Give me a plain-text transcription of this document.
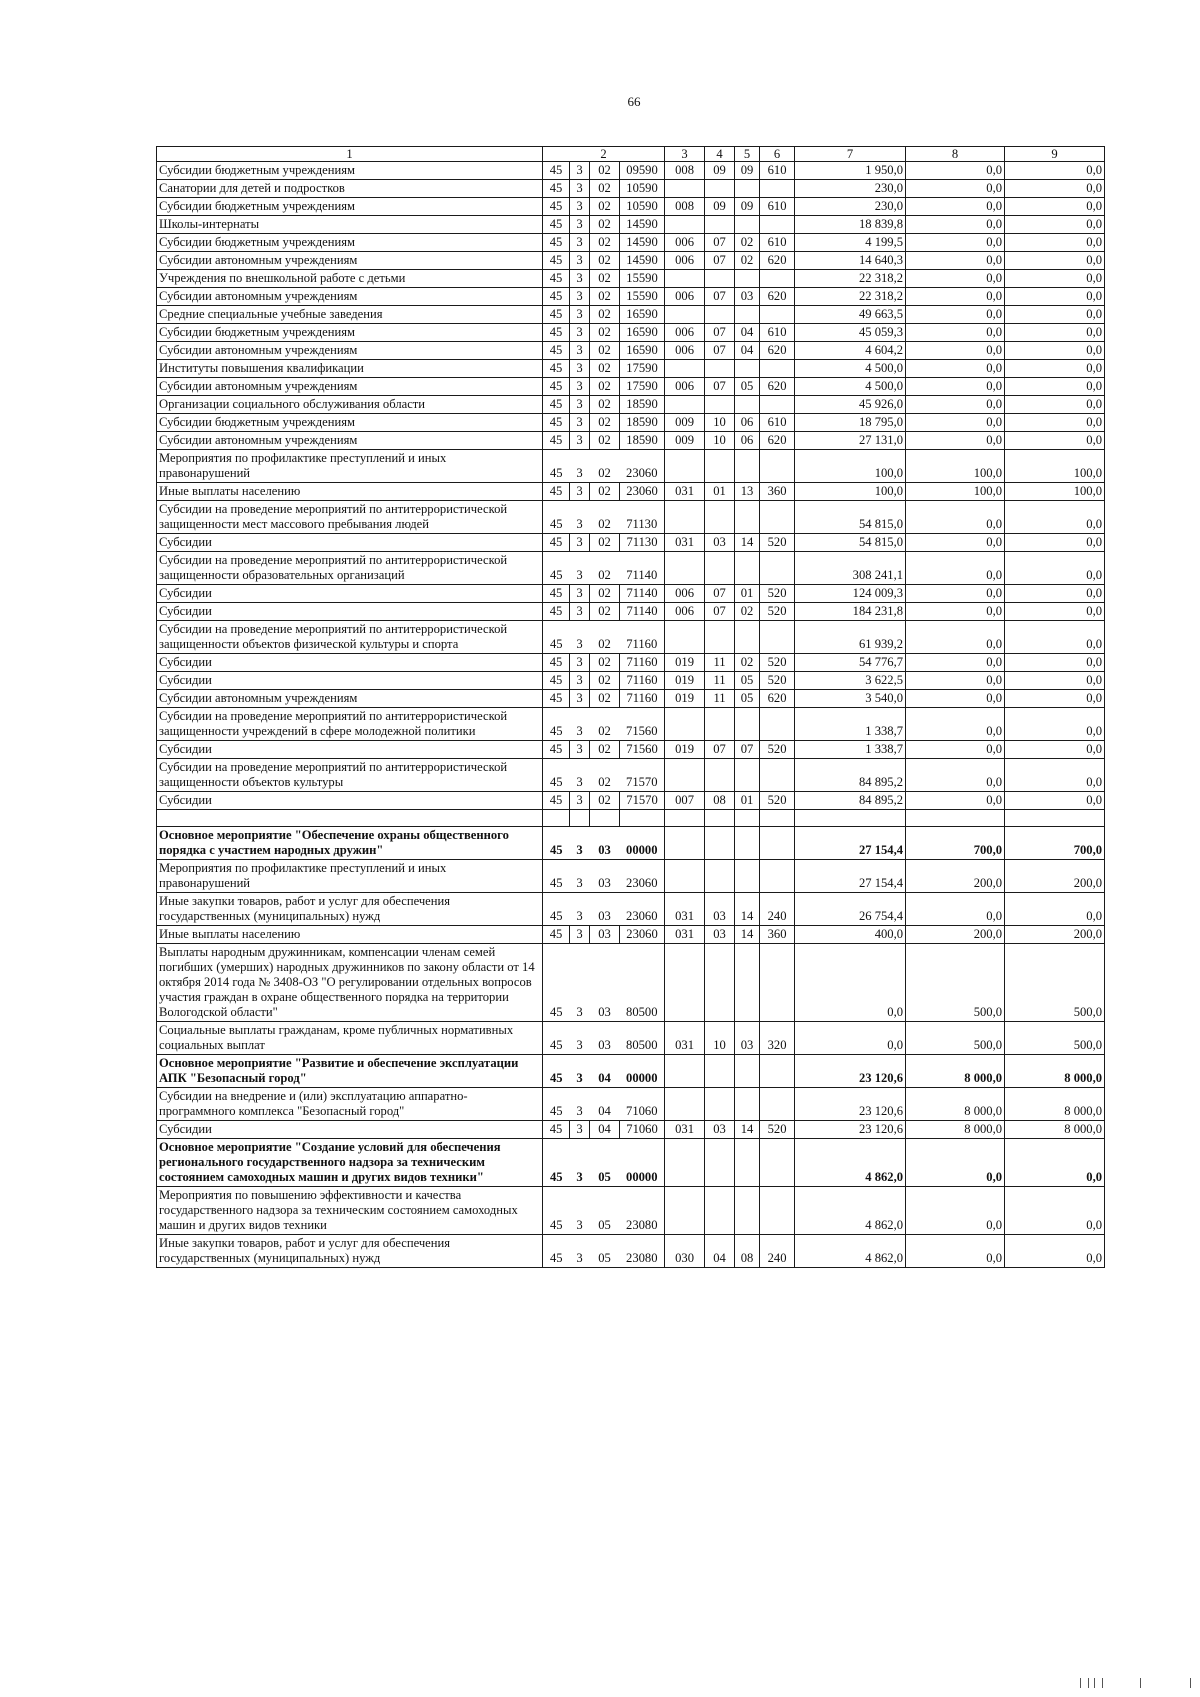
66
1	2				3	4	5	6	7	8	9
Субсидии бюджетным учреждениям	45	3	02	09590	008	09	09	610	1 950,0	0,0	0,0
Санатории для детей и подростков	45	3	02	10590					230,0	0,0	0,0
Субсидии бюджетным учреждениям	45	3	02	10590	008	09	09	610	230,0	0,0	0,0
Школы-интернаты	45	3	02	14590					18 839,8	0,0	0,0
Субсидии бюджетным учреждениям	45	3	02	14590	006	07	02	610	4 199,5	0,0	0,0
Субсидии автономным учреждениям	45	3	02	14590	006	07	02	620	14 640,3	0,0	0,0
Учреждения по внешкольной работе с детьми	45	3	02	15590					22 318,2	0,0	0,0
Субсидии автономным учреждениям	45	3	02	15590	006	07	03	620	22 318,2	0,0	0,0
Средние специальные учебные заведения	45	3	02	16590					49 663,5	0,0	0,0
Субсидии бюджетным учреждениям	45	3	02	16590	006	07	04	610	45 059,3	0,0	0,0
Субсидии автономным учреждениям	45	3	02	16590	006	07	04	620	4 604,2	0,0	0,0
Институты повышения квалификации	45	3	02	17590					4 500,0	0,0	0,0
Субсидии автономным учреждениям	45	3	02	17590	006	07	05	620	4 500,0	0,0	0,0
Организации социального обслуживания области	45	3	02	18590					45 926,0	0,0	0,0
Субсидии бюджетным учреждениям	45	3	02	18590	009	10	06	610	18 795,0	0,0	0,0
Субсидии автономным учреждениям	45	3	02	18590	009	10	06	620	27 131,0	0,0	0,0
Мероприятия по профилактике преступлений и иных правонарушений	45	3	02	23060					100,0	100,0	100,0
Иные выплаты населению	45	3	02	23060	031	01	13	360	100,0	100,0	100,0
Субсидии на проведение мероприятий по антитеррористической защищенности мест массового пребывания людей	45	3	02	71130					54 815,0	0,0	0,0
Субсидии	45	3	02	71130	031	03	14	520	54 815,0	0,0	0,0
Субсидии на проведение мероприятий по антитеррористической защищенности образовательных организаций	45	3	02	71140					308 241,1	0,0	0,0
Субсидии	45	3	02	71140	006	07	01	520	124 009,3	0,0	0,0
Субсидии	45	3	02	71140	006	07	02	520	184 231,8	0,0	0,0
Субсидии на проведение мероприятий по антитеррористической защищенности объектов физической культуры и спорта	45	3	02	71160					61 939,2	0,0	0,0
Субсидии	45	3	02	71160	019	11	02	520	54 776,7	0,0	0,0
Субсидии	45	3	02	71160	019	11	05	520	3 622,5	0,0	0,0
Субсидии автономным учреждениям	45	3	02	71160	019	11	05	620	3 540,0	0,0	0,0
Субсидии на проведение мероприятий по антитеррористической защищенности учреждений в сфере молодежной политики	45	3	02	71560					1 338,7	0,0	0,0
Субсидии	45	3	02	71560	019	07	07	520	1 338,7	0,0	0,0
Субсидии на проведение мероприятий по антитеррористической защищенности объектов культуры	45	3	02	71570					84 895,2	0,0	0,0
Субсидии	45	3	02	71570	007	08	01	520	84 895,2	0,0	0,0

Основное мероприятие "Обеспечение охраны общественного порядка с участием народных дружин"	45	3	03	00000					27 154,4	700,0	700,0
Мероприятия по профилактике преступлений и иных правонарушений	45	3	03	23060					27 154,4	200,0	200,0
Иные закупки товаров, работ и услуг для обеспечения государственных (муниципальных) нужд	45	3	03	23060	031	03	14	240	26 754,4	0,0	0,0
Иные выплаты населению	45	3	03	23060	031	03	14	360	400,0	200,0	200,0
Выплаты народным дружинникам, компенсации членам семей погибших (умерших) народных дружинников по закону области от 14 октября 2014 года № 3408-ОЗ "О регулировании отдельных вопросов участия граждан в охране общественного порядка на территории Вологодской области"	45	3	03	80500					0,0	500,0	500,0
Социальные выплаты гражданам, кроме публичных нормативных социальных выплат	45	3	03	80500	031	10	03	320	0,0	500,0	500,0
Основное мероприятие "Развитие и обеспечение эксплуатации АПК "Безопасный город"	45	3	04	00000					23 120,6	8 000,0	8 000,0
Субсидии на внедрение и (или) эксплуатацию аппаратно-программного комплекса "Безопасный город"	45	3	04	71060					23 120,6	8 000,0	8 000,0
Субсидии	45	3	04	71060	031	03	14	520	23 120,6	8 000,0	8 000,0
Основное мероприятие "Создание условий для обеспечения регионального государственного надзора за техническим состоянием самоходных машин и других видов техники"	45	3	05	00000					4 862,0	0,0	0,0
Мероприятия по повышению эффективности и качества государственного надзора за техническим состоянием самоходных машин и других видов техники	45	3	05	23080					4 862,0	0,0	0,0
Иные закупки товаров, работ и услуг для обеспечения государственных (муниципальных) нужд	45	3	05	23080	030	04	08	240	4 862,0	0,0	0,0
